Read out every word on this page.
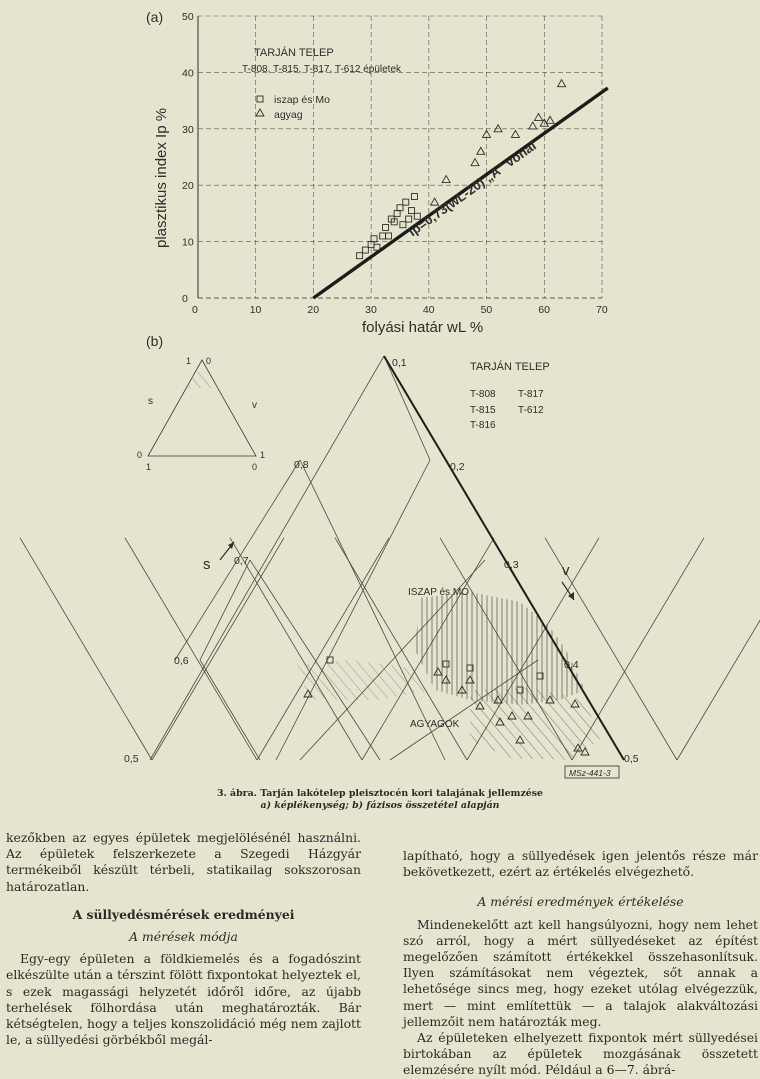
(a)
0	10	20	30	40	50	60	70
0
10
20
30
40
50
plasztikus index Ip %
folyási határ wL %
TARJÁN TELEP
T-808, T-815, T-817, T-612 épületek
iszap és Mo
agyag
Ip=0,73(wL-20) „A" vonal
(b)
0,1
0,2
0,3
0,4
0,5
0,5
0,6
0,7
0,8
TARJÁN TELEP
T-808 T-817
T-815 T-612
T-816
ISZAP és MO
AGYAGOK
s	v
1 0
0	1
1	0
s	v
MSz-441-3
3. ábra. Tarján lakótelep pleisztocén kori talajának jellemzése
a) képlékenység; b) fázisos összetétel alapján

kezőkben az egyes épületek megjelölésénél használni. Az épületek felszerkezete a Szegedi Házgyár termékeiből készült térbeli, statikailag sokszorosan határozatlan.

A süllyedésmérések eredményei

A mérések módja

Egy-egy épületen a földkiemelés és a fogadószint elkészülte után a térszint fölött fixpontokat helyeztek el, s ezek magassági helyzetét időről időre, az újabb terhelések fölhordása után meghatározták. Bár kétségtelen, hogy a teljes konszolidáció még nem zajlott le, a süllyedési görbékből megál-

lapítható, hogy a süllyedések igen jelentős része már bekövetkezett, ezért az értékelés elvégezhető.

A mérési eredmények értékelése

Mindenekelőtt azt kell hangsúlyozni, hogy nem lehet szó arról, hogy a mért süllyedéseket az építést megelőzően számított értékekkel összehasonlítsuk. Ilyen számításokat nem végeztek, sőt annak a lehetősége sincs meg, hogy ezeket utólag elvégezzük, mert — mint említettük — a talajok alakváltozási jellemzőit nem határozták meg.

Az épületeken elhelyezett fixpontok mért süllyedései birtokában az épületek mozgásának összetett elemzésére nyílt mód. Például a 6—7. ábrá-
